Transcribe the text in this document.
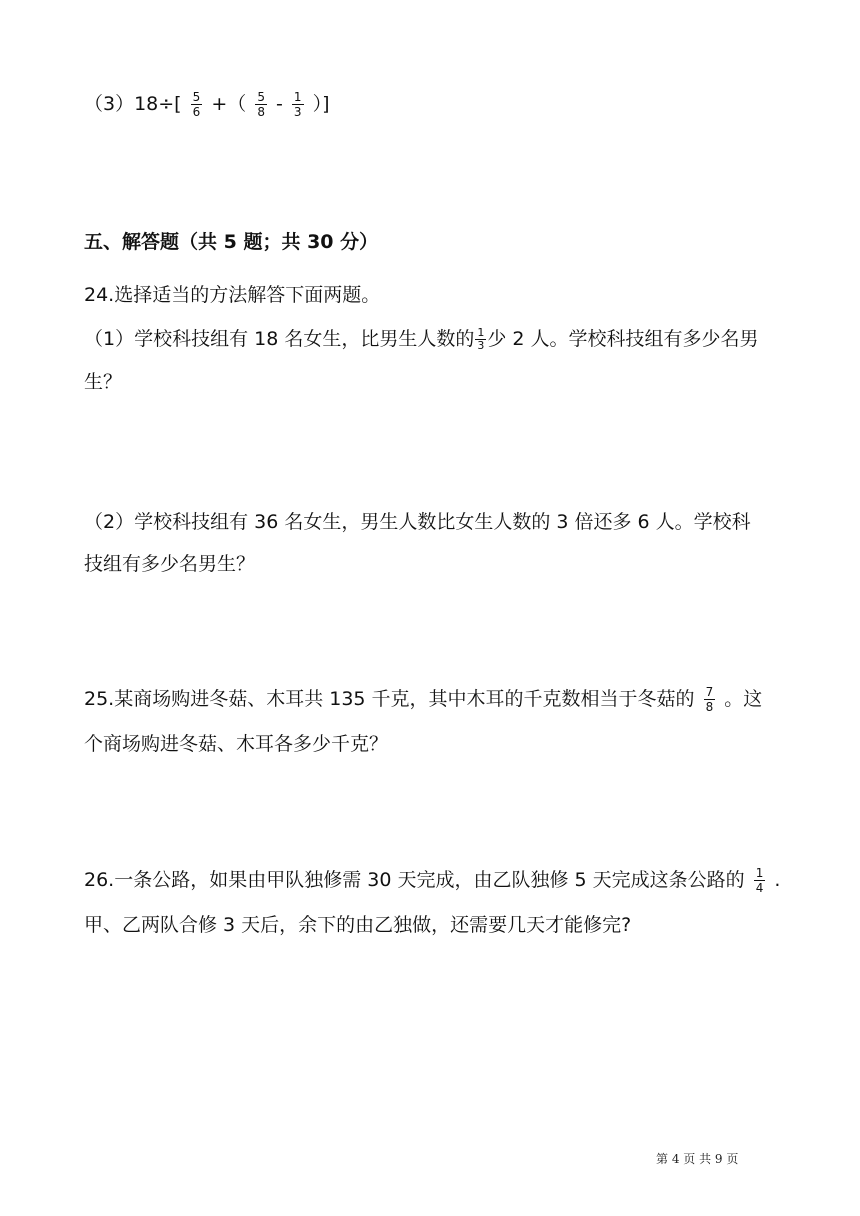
$(3)18\div[ \frac{5}{6}$ +（ $\frac{5}{8} - \frac{1}{3}$ ）]
五、解答题（共 5 题；共 30 分）
24.选择适当的方法解答下面两题。
（1）学校科技组有 18 名女生，比男生人数的 $\frac{1}{3}$ 少 2 人。学校科技组有多少名男
生？
（2）学校科技组有 36 名女生，男生人数比女生人数的 3 倍还多 6 人。学校科
技组有多少名男生？
25.某商场购进冬菇、木耳共 135 千克，其中木耳的千克数相当于冬菇的 $\frac{7}{8}$ 。这
个商场购进冬菇、木耳各多少千克？
26.一条公路，如果由甲队独修需 30 天完成，由乙队独修 5 天完成这条公路的 $\frac{1}{4}$ .
甲、乙两队合修 3 天后，余下的由乙独做，还需要几天才能修完?
第 4 页 共 9 页
